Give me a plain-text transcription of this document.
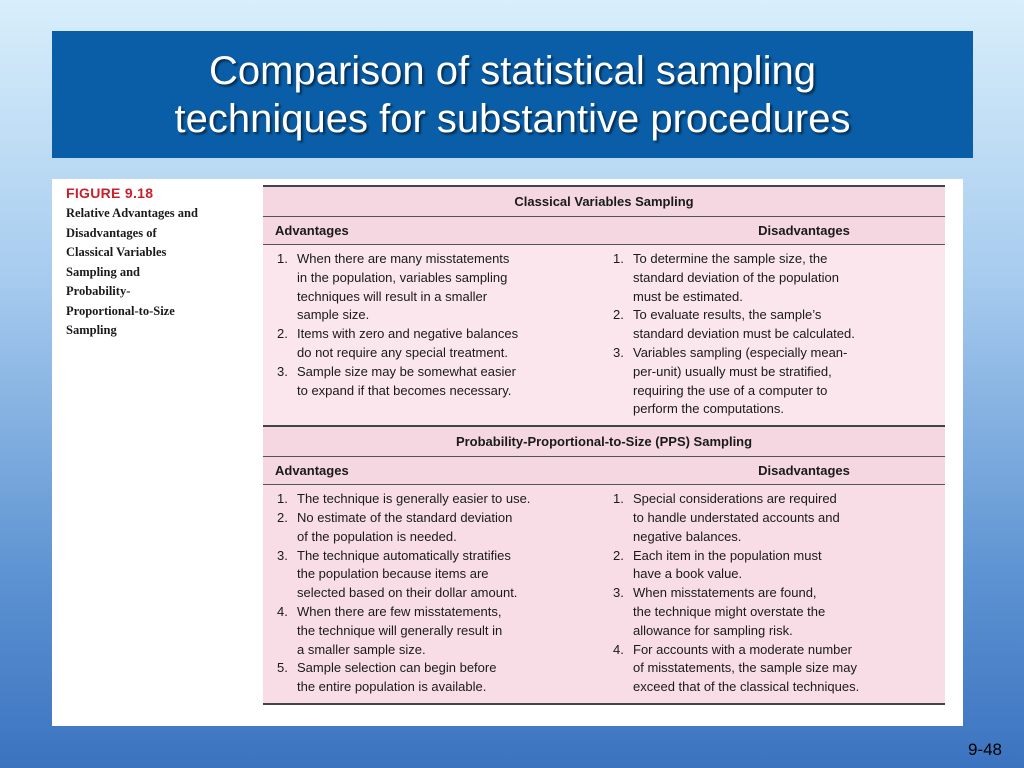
Comparison of statistical sampling
techniques for substantive procedures
FIGURE 9.18
Relative Advantages and
Disadvantages of
Classical Variables
Sampling and
Probability-
Proportional-to-Size
Sampling
Classical Variables Sampling
Advantages	Disadvantages
1. When there are many misstatements
in the population, variables sampling
techniques will result in a smaller
sample size.
2. Items with zero and negative balances
do not require any special treatment.
3. Sample size may be somewhat easier
to expand if that becomes necessary.
1. To determine the sample size, the
standard deviation of the population
must be estimated.
2. To evaluate results, the sample’s
standard deviation must be calculated.
3. Variables sampling (especially mean-
per-unit) usually must be stratified,
requiring the use of a computer to
perform the computations.
Probability-Proportional-to-Size (PPS) Sampling
Advantages	Disadvantages
1. The technique is generally easier to use.
2. No estimate of the standard deviation
of the population is needed.
3. The technique automatically stratifies
the population because items are
selected based on their dollar amount.
4. When there are few misstatements,
the technique will generally result in
a smaller sample size.
5. Sample selection can begin before
the entire population is available.
1. Special considerations are required
to handle understated accounts and
negative balances.
2. Each item in the population must
have a book value.
3. When misstatements are found,
the technique might overstate the
allowance for sampling risk.
4. For accounts with a moderate number
of misstatements, the sample size may
exceed that of the classical techniques.
9-48
